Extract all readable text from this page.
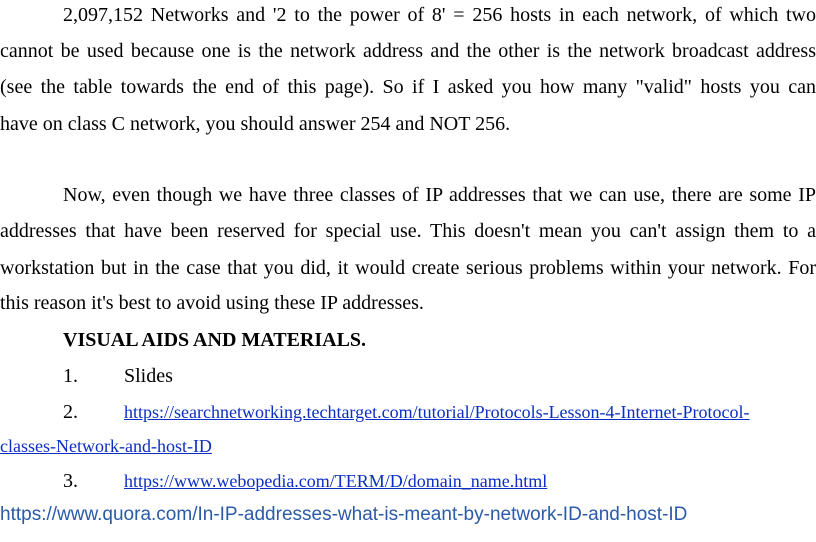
2,097,152 Networks and '2 to the power of 8' = 256 hosts in each network, of which two
cannot be used because one is the network address and the other is the network broadcast address
(see the table towards the end of this page). So if I asked you how many "valid" hosts you can
have on class C network, you should answer 254 and NOT 256.
Now, even though we have three classes of IP addresses that we can use, there are some IP
addresses that have been reserved for special use. This doesn't mean you can't assign them to a
workstation but in the case that you did, it would create serious problems within your network. For
this reason it's best to avoid using these IP addresses.
VISUAL AIDS AND MATERIALS.
1. Slides
2.	https://searchnetworking.techtarget.com/tutorial/Protocols-Lesson-4-Internet-Protocol-
classes-Network-and-host-ID
3.	https://www.webopedia.com/TERM/D/domain_name.html
https://www.quora.com/In-IP-addresses-what-is-meant-by-network-ID-and-host-ID
